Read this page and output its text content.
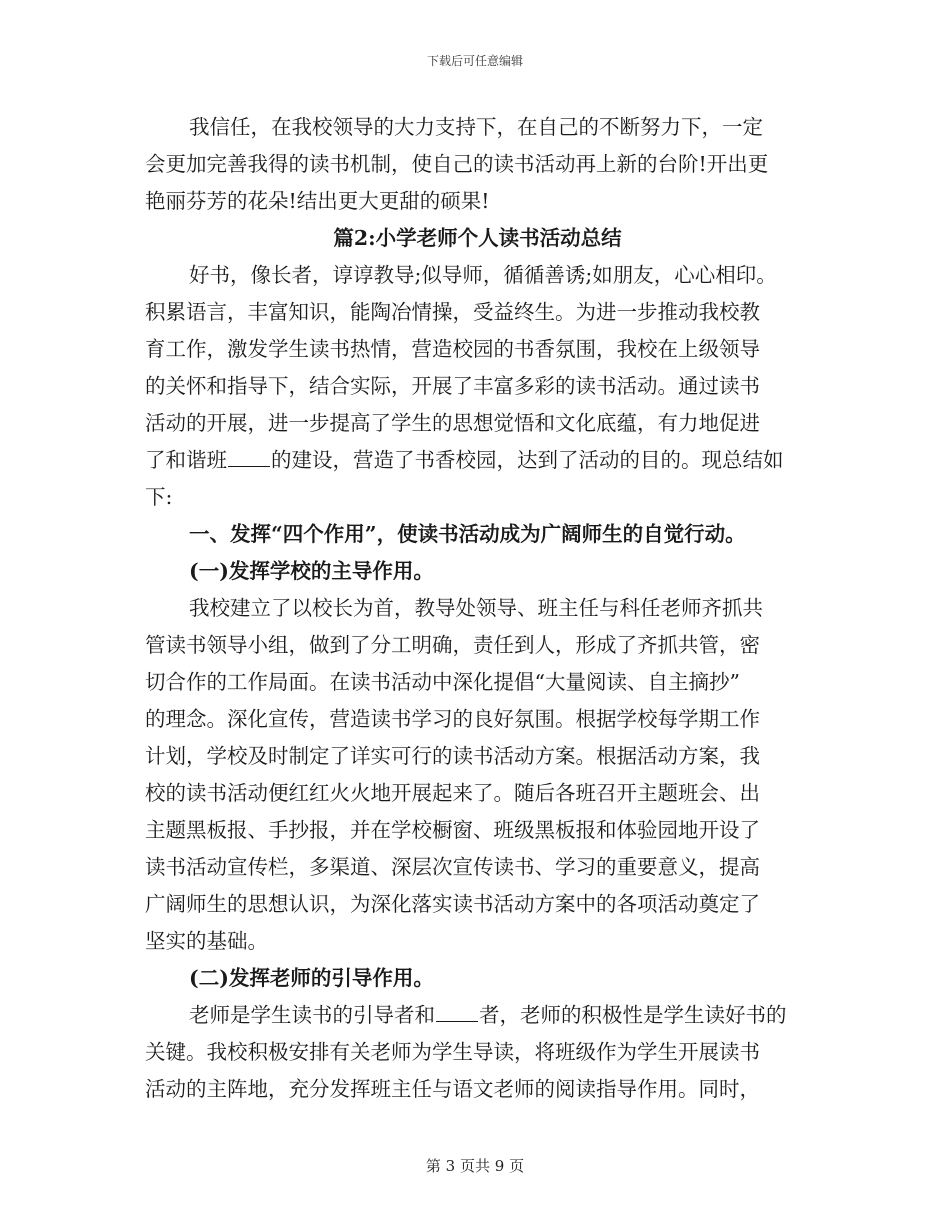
下载后可任意编辑
我信任，在我校领导的大力支持下，在自己的不断努力下，一定
会更加完善我得的读书机制，使自己的读书活动再上新的台阶!开出更
艳丽芬芳的花朵!结出更大更甜的硕果!
篇2:小学老师个人读书活动总结
好书，像长者，谆谆教导;似导师，循循善诱;如朋友，心心相印。
积累语言，丰富知识，能陶冶情操，受益终生。为进一步推动我校教
育工作，激发学生读书热情，营造校园的书香氛围，我校在上级领导
的关怀和指导下，结合实际，开展了丰富多彩的读书活动。通过读书
活动的开展，进一步提高了学生的思想觉悟和文化底蕴，有力地促进
了和谐班 的建设，营造了书香校园，达到了活动的目的。现总结如
下:
一、发挥“四个作用”，使读书活动成为广阔师生的自觉行动。
(一)发挥学校的主导作用。
我校建立了以校长为首，教导处领导、班主任与科任老师齐抓共
管读书领导小组，做到了分工明确，责任到人，形成了齐抓共管，密
切合作的工作局面。在读书活动中深化提倡“大量阅读、自主摘抄”
的理念。深化宣传，营造读书学习的良好氛围。根据学校每学期工作
计划，学校及时制定了详实可行的读书活动方案。根据活动方案，我
校的读书活动便红红火火地开展起来了。随后各班召开主题班会、出
主题黑板报、手抄报，并在学校橱窗、班级黑板报和体验园地开设了
读书活动宣传栏，多渠道、深层次宣传读书、学习的重要意义，提高
广阔师生的思想认识，为深化落实读书活动方案中的各项活动奠定了
坚实的基础。
(二)发挥老师的引导作用。
老师是学生读书的引导者和 者，老师的积极性是学生读好书的
关键。我校积极安排有关老师为学生导读，将班级作为学生开展读书
活动的主阵地，充分发挥班主任与语文老师的阅读指导作用。同时，
第 3 页共 9 页
